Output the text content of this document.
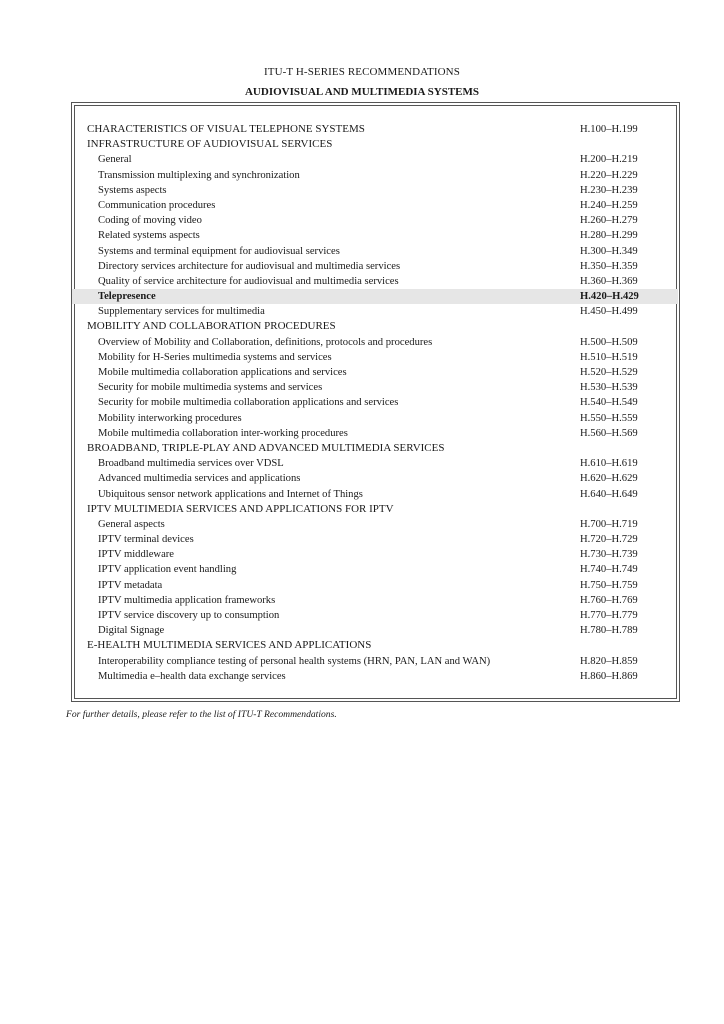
ITU-T H-SERIES RECOMMENDATIONS
AUDIOVISUAL AND MULTIMEDIA SYSTEMS
CHARACTERISTICS OF VISUAL TELEPHONE SYSTEMS	H.100–H.199
INFRASTRUCTURE OF AUDIOVISUAL SERVICES
General	H.200–H.219
Transmission multiplexing and synchronization	H.220–H.229
Systems aspects	H.230–H.239
Communication procedures	H.240–H.259
Coding of moving video	H.260–H.279
Related systems aspects	H.280–H.299
Systems and terminal equipment for audiovisual services	H.300–H.349
Directory services architecture for audiovisual and multimedia services	H.350–H.359
Quality of service architecture for audiovisual and multimedia services	H.360–H.369
Telepresence	H.420–H.429
Supplementary services for multimedia	H.450–H.499
MOBILITY AND COLLABORATION PROCEDURES
Overview of Mobility and Collaboration, definitions, protocols and procedures	H.500–H.509
Mobility for H-Series multimedia systems and services	H.510–H.519
Mobile multimedia collaboration applications and services	H.520–H.529
Security for mobile multimedia systems and services	H.530–H.539
Security for mobile multimedia collaboration applications and services	H.540–H.549
Mobility interworking procedures	H.550–H.559
Mobile multimedia collaboration inter-working procedures	H.560–H.569
BROADBAND, TRIPLE-PLAY AND ADVANCED MULTIMEDIA SERVICES
Broadband multimedia services over VDSL	H.610–H.619
Advanced multimedia services and applications	H.620–H.629
Ubiquitous sensor network applications and Internet of Things	H.640–H.649
IPTV MULTIMEDIA SERVICES AND APPLICATIONS FOR IPTV
General aspects	H.700–H.719
IPTV terminal devices	H.720–H.729
IPTV middleware	H.730–H.739
IPTV application event handling	H.740–H.749
IPTV metadata	H.750–H.759
IPTV multimedia application frameworks	H.760–H.769
IPTV service discovery up to consumption	H.770–H.779
Digital Signage	H.780–H.789
E-HEALTH MULTIMEDIA SERVICES AND APPLICATIONS
Interoperability compliance testing of personal health systems (HRN, PAN, LAN and WAN)	H.820–H.859
Multimedia e–health data exchange services	H.860–H.869
For further details, please refer to the list of ITU-T Recommendations.
